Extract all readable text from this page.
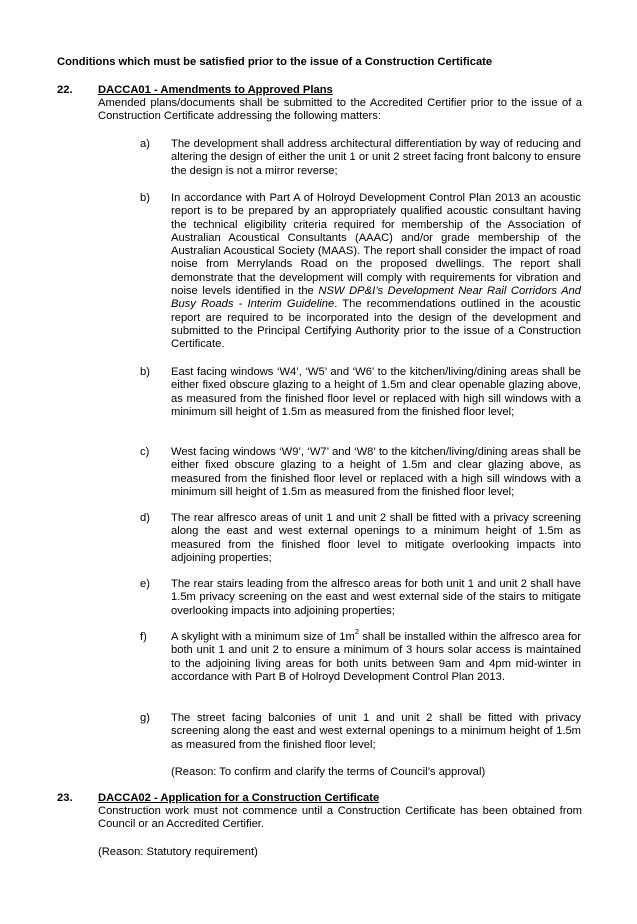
Conditions which must be satisfied prior to the issue of a Construction Certificate
22. DACCA01 - Amendments to Approved Plans
Amended plans/documents shall be submitted to the Accredited Certifier prior to the issue of a Construction Certificate addressing the following matters:
a) The development shall address architectural differentiation by way of reducing and altering the design of either the unit 1 or unit 2 street facing front balcony to ensure the design is not a mirror reverse;
b) In accordance with Part A of Holroyd Development Control Plan 2013 an acoustic report is to be prepared by an appropriately qualified acoustic consultant having the technical eligibility criteria required for membership of the Association of Australian Acoustical Consultants (AAAC) and/or grade membership of the Australian Acoustical Society (MAAS). The report shall consider the impact of road noise from Merrylands Road on the proposed dwellings. The report shall demonstrate that the development will comply with requirements for vibration and noise levels identified in the NSW DP&I’s Development Near Rail Corridors And Busy Roads - Interim Guideline. The recommendations outlined in the acoustic report are required to be incorporated into the design of the development and submitted to the Principal Certifying Authority prior to the issue of a Construction Certificate.
b) East facing windows ‘W4’, ‘W5’ and ‘W6’ to the kitchen/living/dining areas shall be either fixed obscure glazing to a height of 1.5m and clear openable glazing above, as measured from the finished floor level or replaced with high sill windows with a minimum sill height of 1.5m as measured from the finished floor level;
c) West facing windows ‘W9’, ‘W7’ and ‘W8’ to the kitchen/living/dining areas shall be either fixed obscure glazing to a height of 1.5m and clear glazing above, as measured from the finished floor level or replaced with a high sill windows with a minimum sill height of 1.5m as measured from the finished floor level;
d) The rear alfresco areas of unit 1 and unit 2 shall be fitted with a privacy screening along the east and west external openings to a minimum height of 1.5m as measured from the finished floor level to mitigate overlooking impacts into adjoining properties;
e) The rear stairs leading from the alfresco areas for both unit 1 and unit 2 shall have 1.5m privacy screening on the east and west external side of the stairs to mitigate overlooking impacts into adjoining properties;
f) A skylight with a minimum size of $1m^2$ shall be installed within the alfresco area for both unit 1 and unit 2 to ensure a minimum of 3 hours solar access is maintained to the adjoining living areas for both units between 9am and 4pm mid-winter in accordance with Part B of Holroyd Development Control Plan 2013.
g) The street facing balconies of unit 1 and unit 2 shall be fitted with privacy screening along the east and west external openings to a minimum height of 1.5m as measured from the finished floor level;
(Reason: To confirm and clarify the terms of Council’s approval)
23. DACCA02 - Application for a Construction Certificate
Construction work must not commence until a Construction Certificate has been obtained from Council or an Accredited Certifier.
(Reason: Statutory requirement)
